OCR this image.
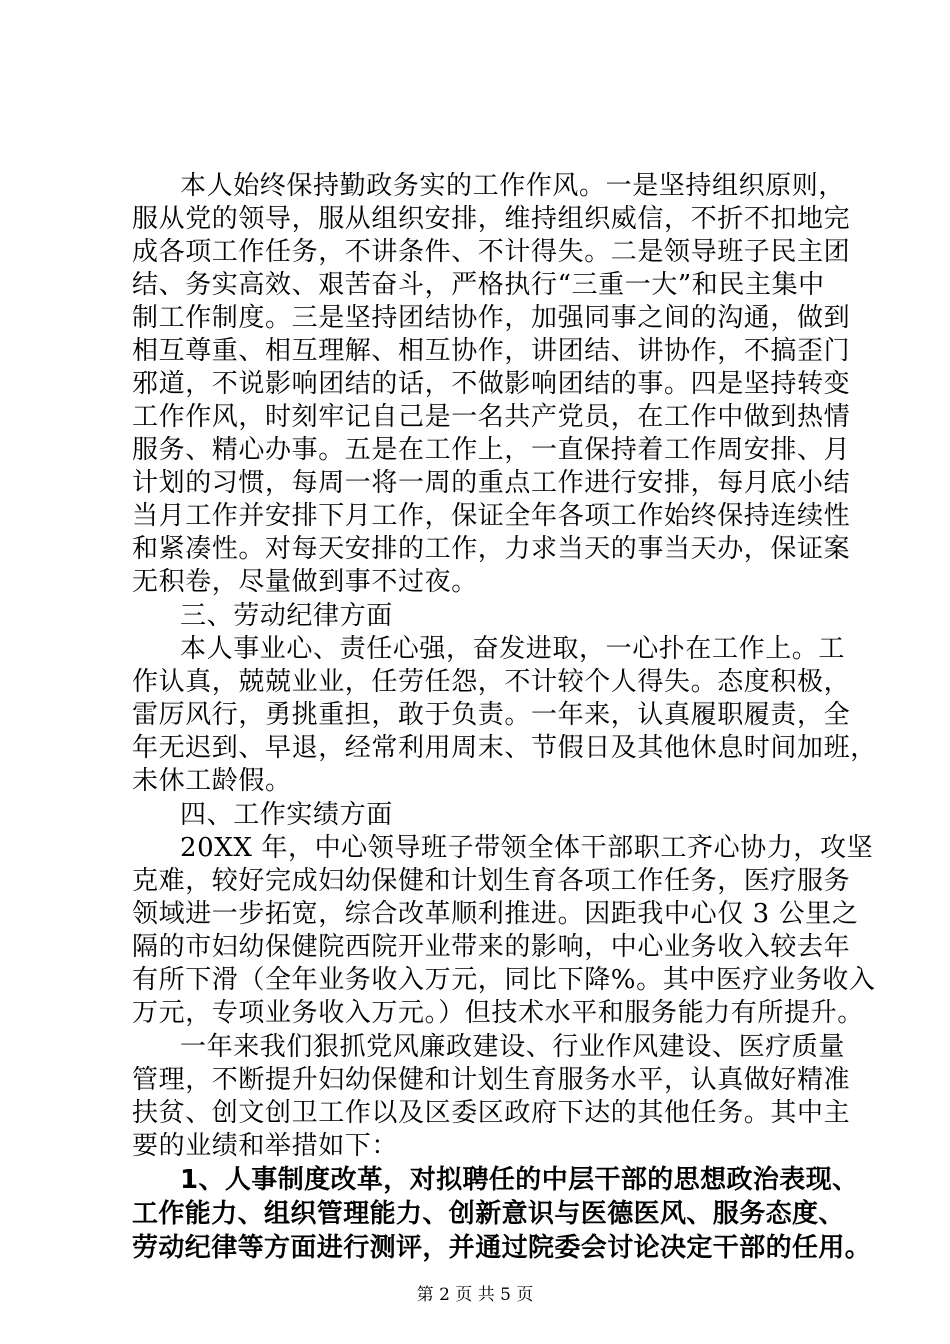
本人始终保持勤政务实的工作作风。一是坚持组织原则，
服从党的领导，服从组织安排，维持组织威信，不折不扣地完
成各项工作任务，不讲条件、不计得失。二是领导班子民主团
结、务实高效、艰苦奋斗，严格执行“三重一大”和民主集中
制工作制度。三是坚持团结协作，加强同事之间的沟通，做到
相互尊重、相互理解、相互协作，讲团结、讲协作，不搞歪门
邪道，不说影响团结的话，不做影响团结的事。四是坚持转变
工作作风，时刻牢记自己是一名共产党员，在工作中做到热情
服务、精心办事。五是在工作上，一直保持着工作周安排、月
计划的习惯，每周一将一周的重点工作进行安排，每月底小结
当月工作并安排下月工作，保证全年各项工作始终保持连续性
和紧凑性。对每天安排的工作，力求当天的事当天办，保证案
无积卷，尽量做到事不过夜。
三、劳动纪律方面
本人事业心、责任心强，奋发进取，一心扑在工作上。工
作认真，兢兢业业，任劳任怨，不计较个人得失。态度积极，
雷厉风行，勇挑重担，敢于负责。一年来，认真履职履责，全
年无迟到、早退，经常利用周末、节假日及其他休息时间加班，
未休工龄假。
四、工作实绩方面
20XX 年，中心领导班子带领全体干部职工齐心协力，攻坚
克难，较好完成妇幼保健和计划生育各项工作任务，医疗服务
领域进一步拓宽，综合改革顺利推进。因距我中心仅 3 公里之
隔的市妇幼保健院西院开业带来的影响，中心业务收入较去年
有所下滑（全年业务收入万元，同比下降%。其中医疗业务收入
万元，专项业务收入万元。）但技术水平和服务能力有所提升。
一年来我们狠抓党风廉政建设、行业作风建设、医疗质量
管理，不断提升妇幼保健和计划生育服务水平，认真做好精准
扶贫、创文创卫工作以及区委区政府下达的其他任务。其中主
要的业绩和举措如下：
1、人事制度改革，对拟聘任的中层干部的思想政治表现、
工作能力、组织管理能力、创新意识与医德医风、服务态度、
劳动纪律等方面进行测评，并通过院委会讨论决定干部的任用。
第 2 页 共 5 页
